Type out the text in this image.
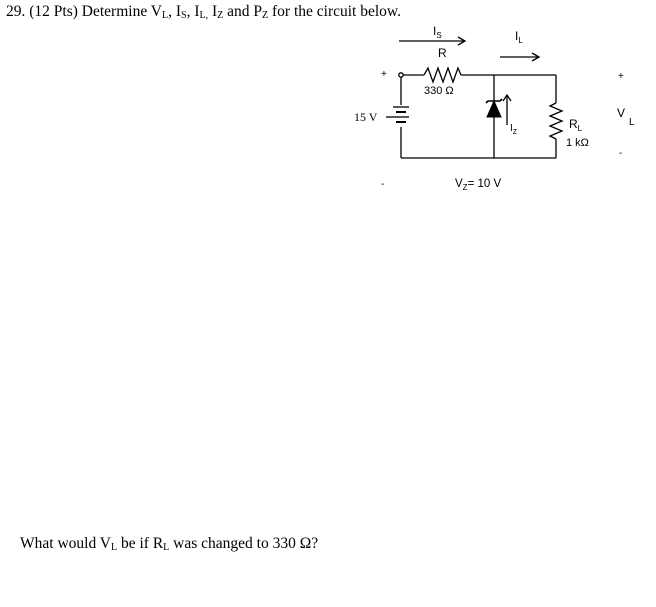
29. (12 Pts) Determine $V_L$, $I_S$, $I_{L,}$ $I_Z$ and $P_Z$ for the circuit below.
$I_S$
R
330 Ω
$I_L$
+
15 V
-
$I_Z$
$V_Z= 10$ V
$R_L$
1 kΩ
+
$V_L$
-
What would $V_L$ be if $R_L$ was changed to 330 Ω?
